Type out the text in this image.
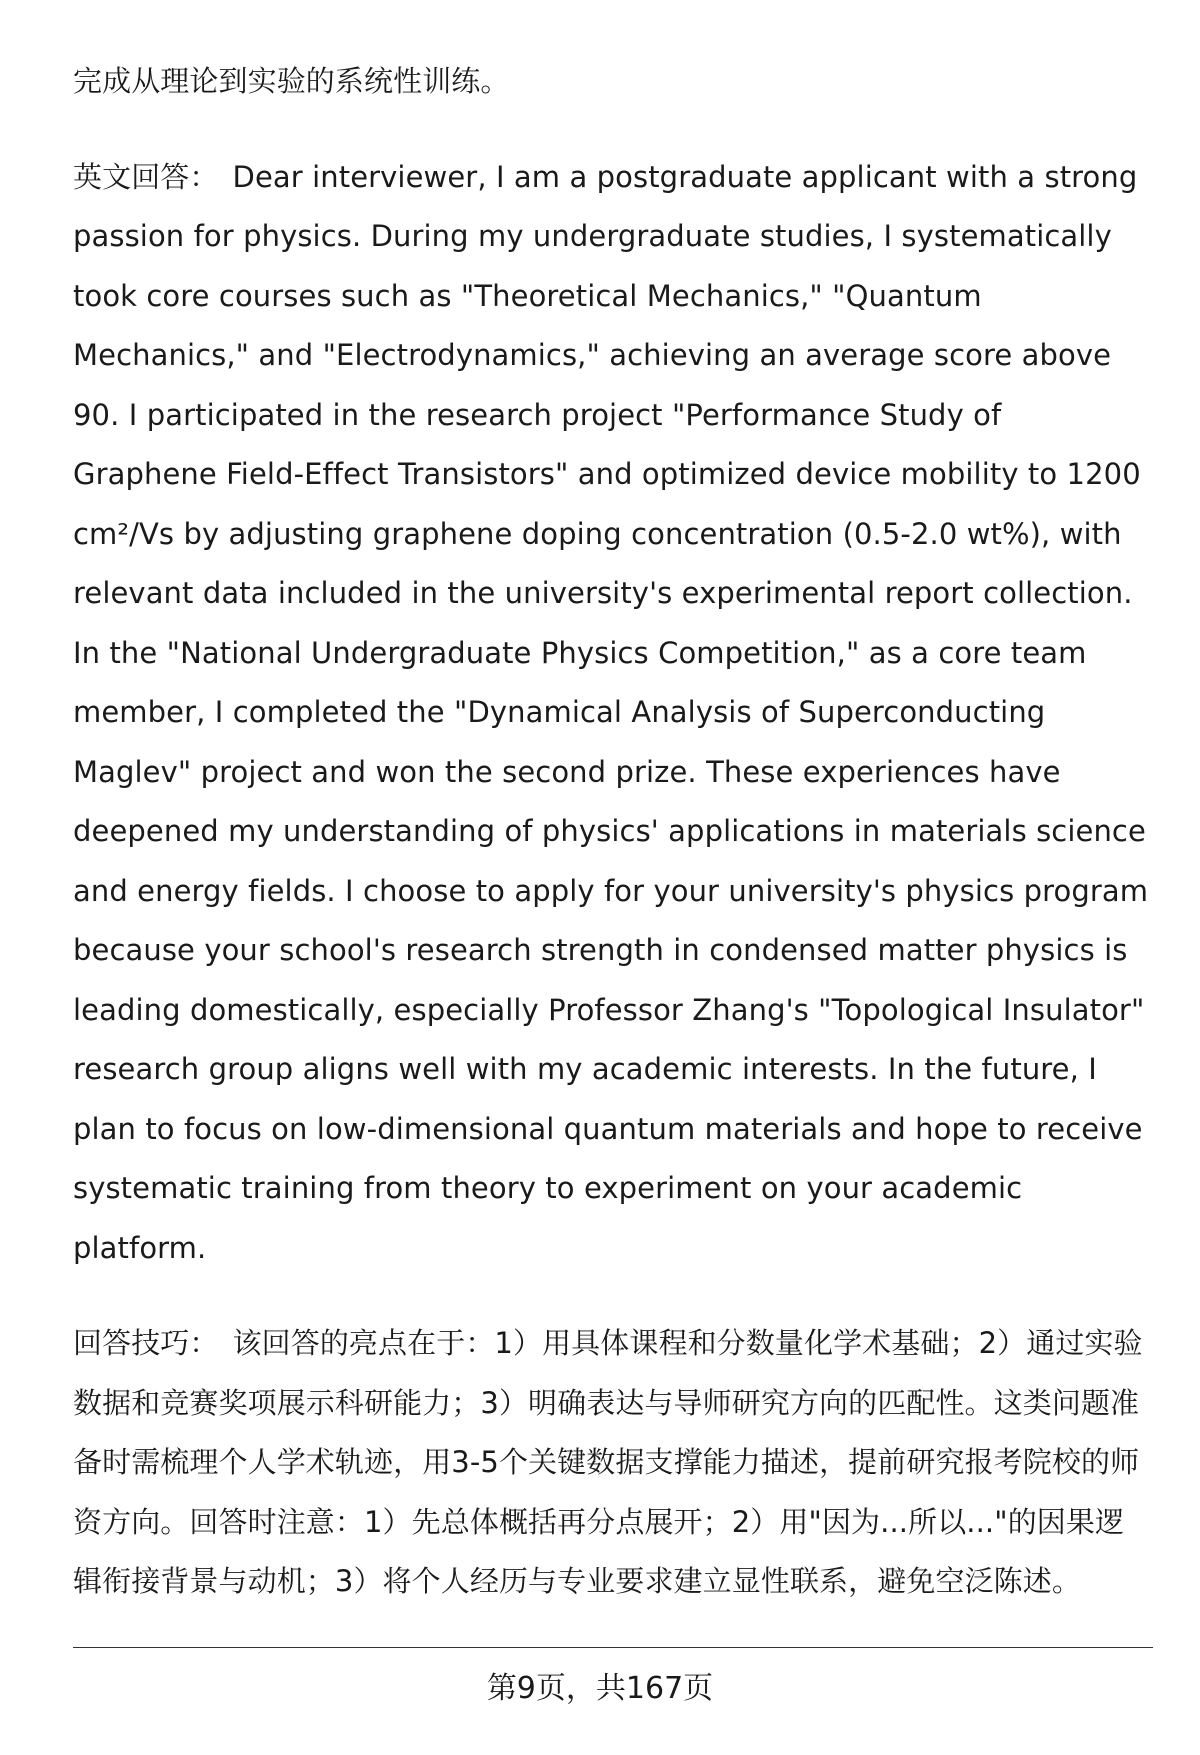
完成从理论到实验的系统性训练。

英文回答： Dear interviewer, I am a postgraduate applicant with a strong passion for physics. During my undergraduate studies, I systematically took core courses such as "Theoretical Mechanics," "Quantum Mechanics," and "Electrodynamics," achieving an average score above 90. I participated in the research project "Performance Study of Graphene Field-Effect Transistors" and optimized device mobility to 1200 cm²/Vs by adjusting graphene doping concentration (0.5-2.0 wt%), with relevant data included in the university's experimental report collection. In the "National Undergraduate Physics Competition," as a core team member, I completed the "Dynamical Analysis of Superconducting Maglev" project and won the second prize. These experiences have deepened my understanding of physics' applications in materials science and energy fields. I choose to apply for your university's physics program because your school's research strength in condensed matter physics is leading domestically, especially Professor Zhang's "Topological Insulator" research group aligns well with my academic interests. In the future, I plan to focus on low-dimensional quantum materials and hope to receive systematic training from theory to experiment on your academic platform.

回答技巧： 该回答的亮点在于：1）用具体课程和分数量化学术基础；2）通过实验数据和竞赛奖项展示科研能力；3）明确表达与导师研究方向的匹配性。这类问题准备时需梳理个人学术轨迹，用3-5个关键数据支撑能力描述，提前研究报考院校的师资方向。回答时注意：1）先总体概括再分点展开；2）用"因为...所以..."的因果逻辑衔接背景与动机；3）将个人经历与专业要求建立显性联系，避免空泛陈述。

第9页，共167页
